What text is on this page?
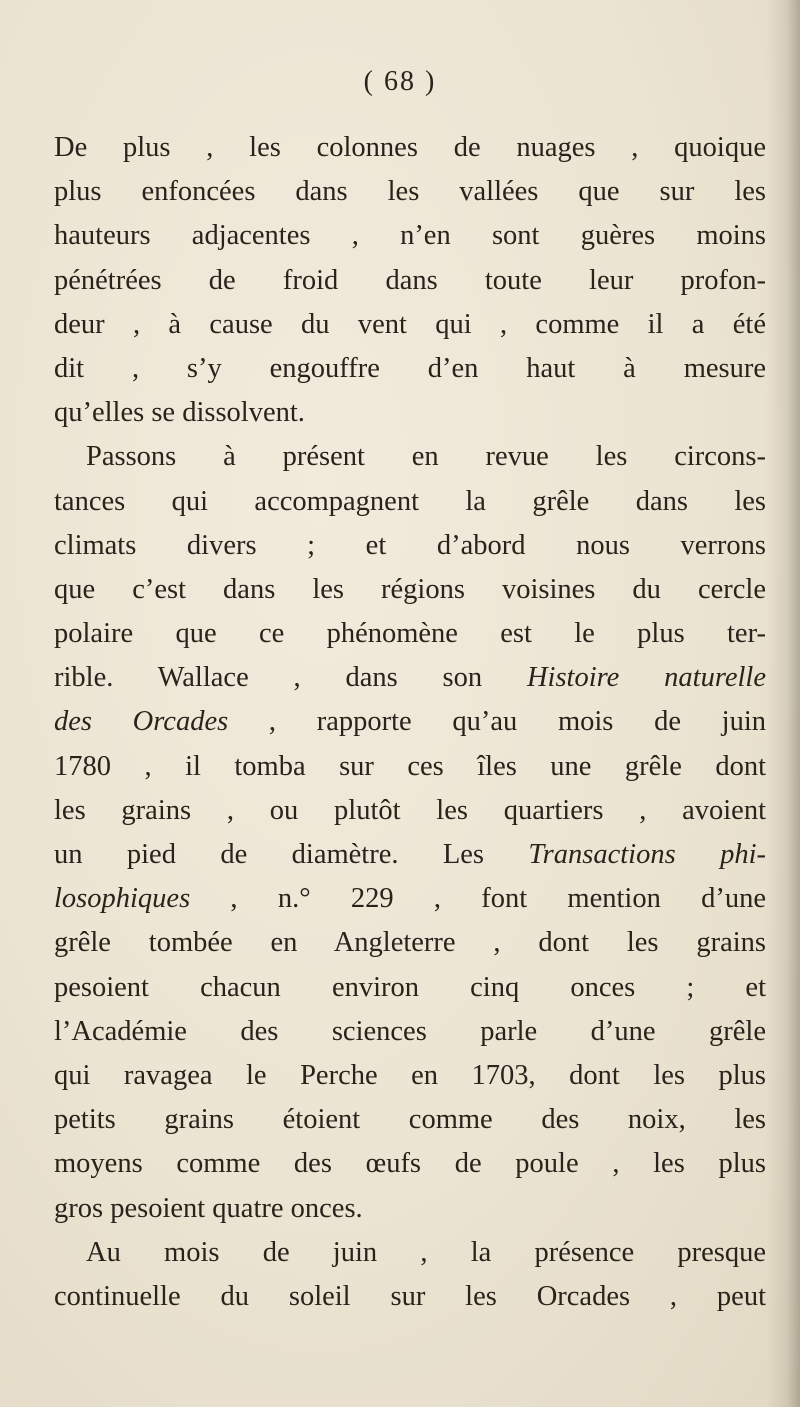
( 68 )
De plus , les colonnes de nuages , quoique
plus enfoncées dans les vallées que sur les
hauteurs adjacentes , n’en sont guères moins
pénétrées de froid dans toute leur profon-
deur , à cause du vent qui , comme il a été
dit , s’y engouffre d’en haut à mesure
qu’elles se dissolvent.
Passons à présent en revue les circons-
tances qui accompagnent la grêle dans les
climats divers ; et d’abord nous verrons
que c’est dans les régions voisines du cercle
polaire que ce phénomène est le plus ter-
rible. Wallace , dans son Histoire naturelle
des Orcades , rapporte qu’au mois de juin
1780 , il tomba sur ces îles une grêle dont
les grains , ou plutôt les quartiers , avoient
un pied de diamètre. Les Transactions phi-
losophiques , n.° 229 , font mention d’une
grêle tombée en Angleterre , dont les grains
pesoient chacun environ cinq onces ; et
l’Académie des sciences parle d’une grêle
qui ravagea le Perche en 1703, dont les plus
petits grains étoient comme des noix, les
moyens comme des œufs de poule , les plus
gros pesoient quatre onces.
Au mois de juin , la présence presque
continuelle du soleil sur les Orcades , peut
